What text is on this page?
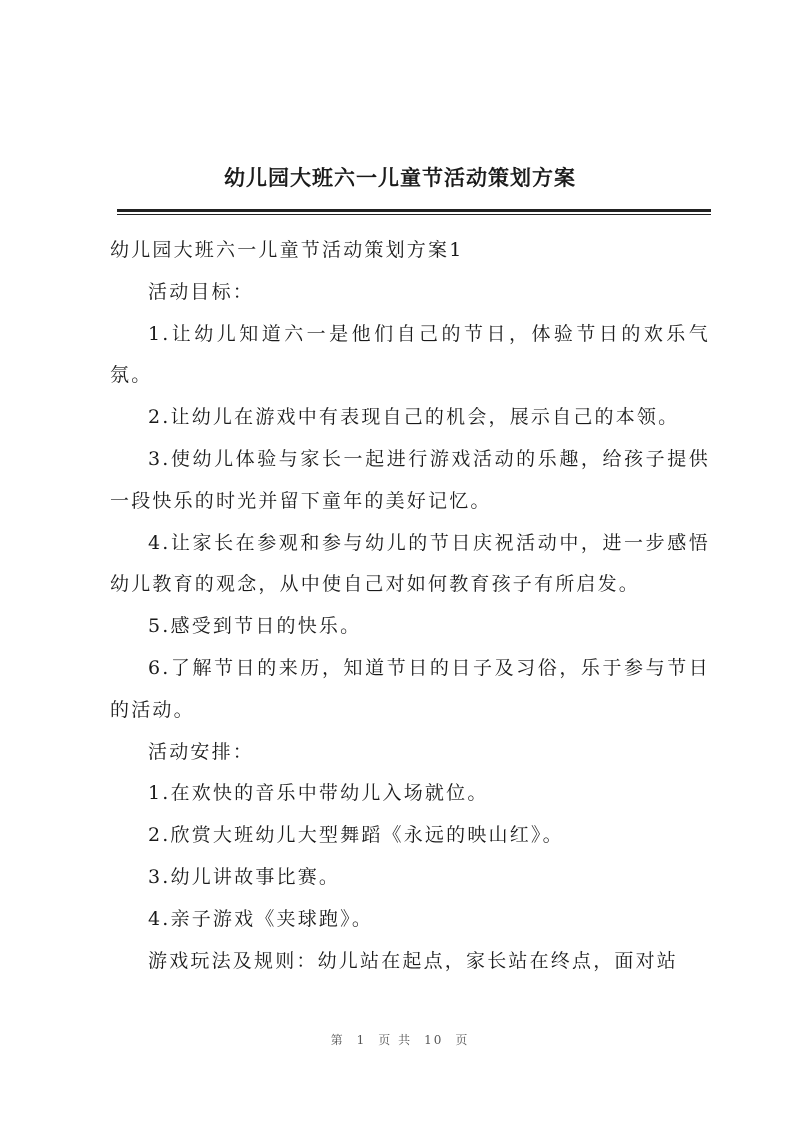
幼儿园大班六一儿童节活动策划方案

幼儿园大班六一儿童节活动策划方案1

活动目标：

1.让幼儿知道六一是他们自己的节日，体验节日的欢乐气氛。

2.让幼儿在游戏中有表现自己的机会，展示自己的本领。

3.使幼儿体验与家长一起进行游戏活动的乐趣，给孩子提供一段快乐的时光并留下童年的美好记忆。

4.让家长在参观和参与幼儿的节日庆祝活动中，进一步感悟幼儿教育的观念，从中使自己对如何教育孩子有所启发。

5.感受到节日的快乐。

6.了解节日的来历，知道节日的日子及习俗，乐于参与节日的活动。

活动安排：

1.在欢快的音乐中带幼儿入场就位。

2.欣赏大班幼儿大型舞蹈《永远的映山红》。

3.幼儿讲故事比赛。

4.亲子游戏《夹球跑》。

游戏玩法及规则：幼儿站在起点，家长站在终点，面对站

第 1 页 共 10 页
